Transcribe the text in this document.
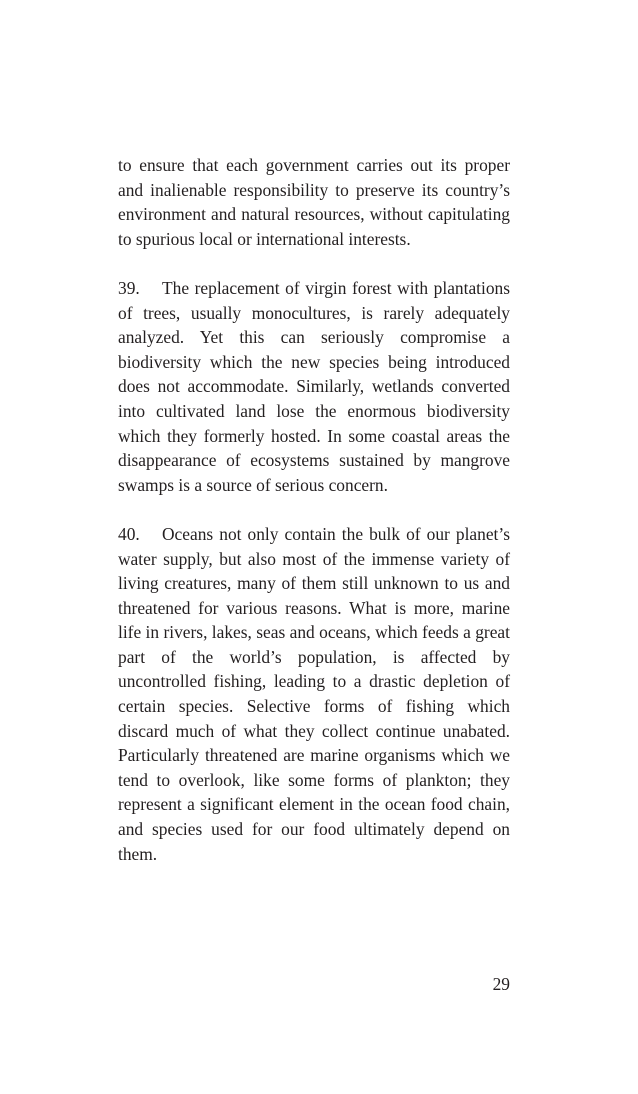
to ensure that each government carries out its proper and inalienable responsibility to preserve its country’s environment and natural resources, without capitulating to spurious local or international interests.

39. The replacement of virgin forest with plantations of trees, usually monocultures, is rarely adequately analyzed. Yet this can seriously compromise a biodiversity which the new species being introduced does not accommodate. Similarly, wetlands converted into cultivated land lose the enormous biodiversity which they formerly hosted. In some coastal areas the disappearance of ecosystems sustained by mangrove swamps is a source of serious concern.

40. Oceans not only contain the bulk of our planet’s water supply, but also most of the immense variety of living creatures, many of them still unknown to us and threatened for various reasons. What is more, marine life in rivers, lakes, seas and oceans, which feeds a great part of the world’s population, is affected by uncontrolled fishing, leading to a drastic depletion of certain species. Selective forms of fishing which discard much of what they collect continue unabated. Particularly threatened are marine organisms which we tend to overlook, like some forms of plankton; they represent a significant element in the ocean food chain, and species used for our food ultimately depend on them.

29
